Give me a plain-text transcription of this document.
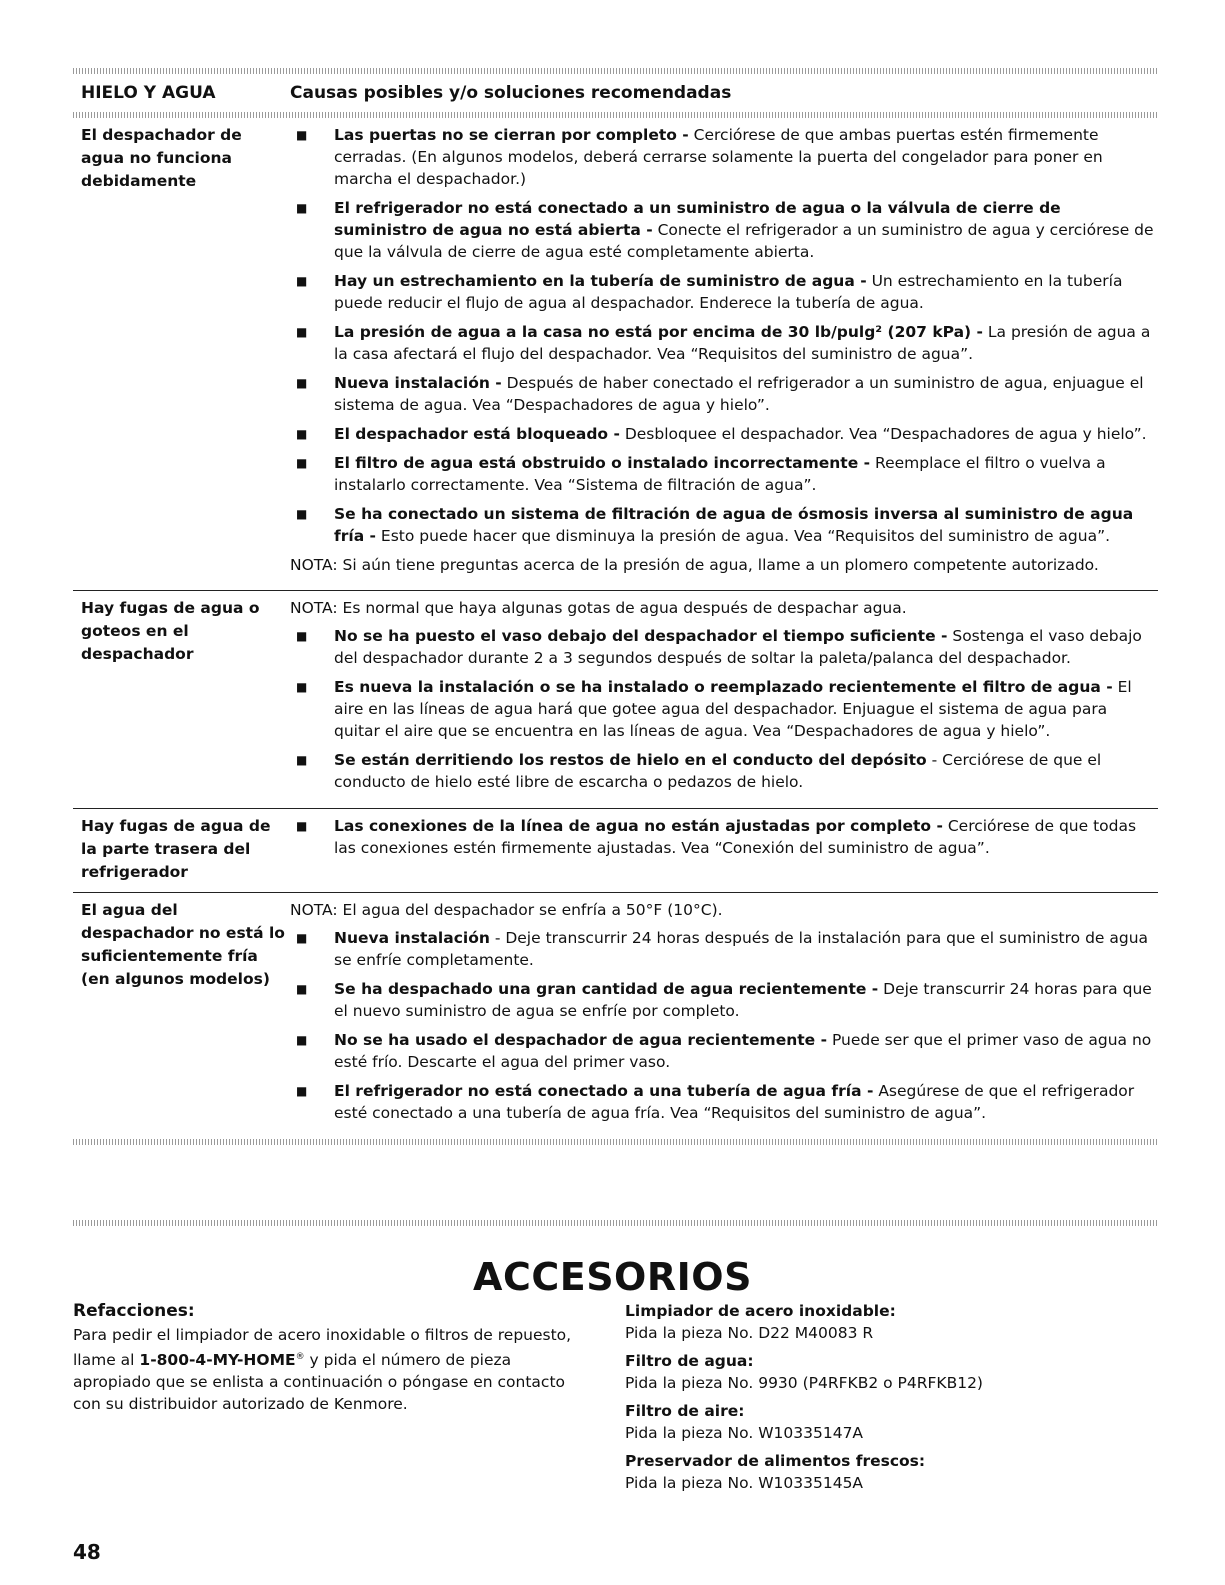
HIELO Y AGUA	Causas posibles y/o soluciones recomendadas
El despachador de agua no funciona debidamente
■	Las puertas no se cierran por completo - Cerciórese de que ambas puertas estén firmemente cerradas. (En algunos modelos, deberá cerrarse solamente la puerta del congelador para poner en marcha el despachador.)
■	El refrigerador no está conectado a un suministro de agua o la válvula de cierre de suministro de agua no está abierta - Conecte el refrigerador a un suministro de agua y cerciórese de que la válvula de cierre de agua esté completamente abierta.
■	Hay un estrechamiento en la tubería de suministro de agua - Un estrechamiento en la tubería puede reducir el flujo de agua al despachador. Enderece la tubería de agua.
■	La presión de agua a la casa no está por encima de 30 lb/pulg² (207 kPa) - La presión de agua a la casa afectará el flujo del despachador. Vea “Requisitos del suministro de agua”.
■	Nueva instalación - Después de haber conectado el refrigerador a un suministro de agua, enjuague el sistema de agua. Vea “Despachadores de agua y hielo”.
■	El despachador está bloqueado - Desbloquee el despachador. Vea “Despachadores de agua y hielo”.
■	El filtro de agua está obstruido o instalado incorrectamente - Reemplace el filtro o vuelva a instalarlo correctamente. Vea “Sistema de filtración de agua”.
■	Se ha conectado un sistema de filtración de agua de ósmosis inversa al suministro de agua fría - Esto puede hacer que disminuya la presión de agua. Vea “Requisitos del suministro de agua”.
NOTA: Si aún tiene preguntas acerca de la presión de agua, llame a un plomero competente autorizado.
Hay fugas de agua o goteos en el despachador
NOTA: Es normal que haya algunas gotas de agua después de despachar agua.
■	No se ha puesto el vaso debajo del despachador el tiempo suficiente - Sostenga el vaso debajo del despachador durante 2 a 3 segundos después de soltar la paleta/palanca del despachador.
■	Es nueva la instalación o se ha instalado o reemplazado recientemente el filtro de agua - El aire en las líneas de agua hará que gotee agua del despachador. Enjuague el sistema de agua para quitar el aire que se encuentra en las líneas de agua. Vea “Despachadores de agua y hielo”.
■	Se están derritiendo los restos de hielo en el conducto del depósito - Cerciórese de que el conducto de hielo esté libre de escarcha o pedazos de hielo.
Hay fugas de agua de la parte trasera del refrigerador
■	Las conexiones de la línea de agua no están ajustadas por completo - Cerciórese de que todas las conexiones estén firmemente ajustadas. Vea “Conexión del suministro de agua”.
El agua del despachador no está lo suficientemente fría (en algunos modelos)
NOTA: El agua del despachador se enfría a 50°F (10°C).
■	Nueva instalación - Deje transcurrir 24 horas después de la instalación para que el suministro de agua se enfríe completamente.
■	Se ha despachado una gran cantidad de agua recientemente - Deje transcurrir 24 horas para que el nuevo suministro de agua se enfríe por completo.
■	No se ha usado el despachador de agua recientemente - Puede ser que el primer vaso de agua no esté frío. Descarte el agua del primer vaso.
■	El refrigerador no está conectado a una tubería de agua fría - Asegúrese de que el refrigerador esté conectado a una tubería de agua fría. Vea “Requisitos del suministro de agua”.
ACCESORIOS
Refacciones:
Para pedir el limpiador de acero inoxidable o filtros de repuesto, llame al 1-800-4-MY-HOME® y pida el número de pieza apropiado que se enlista a continuación o póngase en contacto con su distribuidor autorizado de Kenmore.
Limpiador de acero inoxidable:
Pida la pieza No. D22 M40083 R
Filtro de agua:
Pida la pieza No. 9930 (P4RFKB2 o P4RFKB12)
Filtro de aire:
Pida la pieza No. W10335147A
Preservador de alimentos frescos:
Pida la pieza No. W10335145A
48
